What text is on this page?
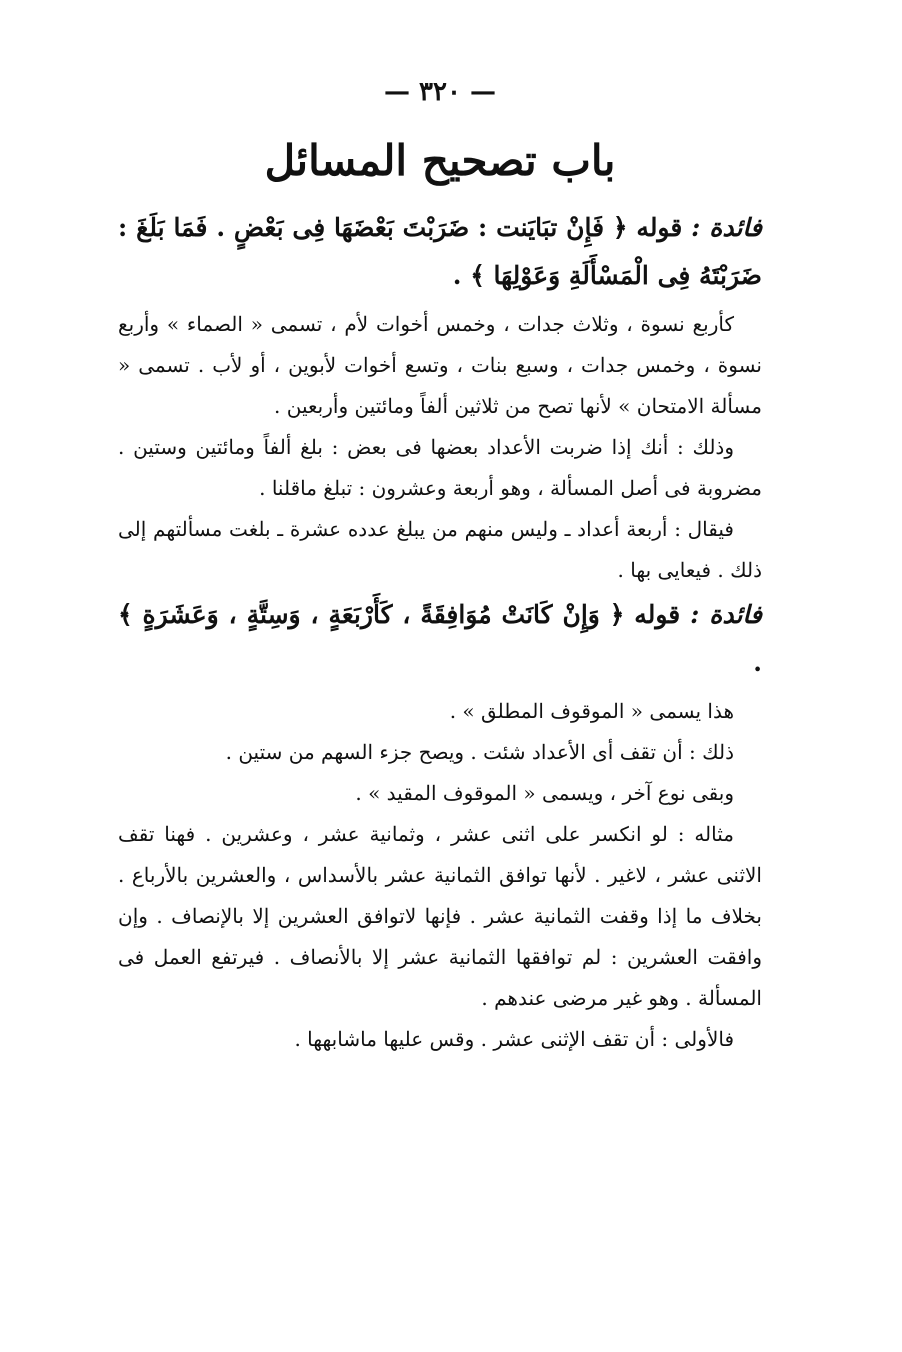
— ٣٢٠ —
باب تصحيح المسائل

فائدة : قوله ﴿ فَإِنْ تبَايَنت : ضَرَبْتَ بَعْضَهَا فِى بَعْضٍ . فَمَا بَلَغَ : ضَرَبْتَهُ فِى الْمَسْأَلَةِ وَعَوْلِهَا ﴾ .

كأربع نسوة ، وثلاث جدات ، وخمس أخوات لأم ، تسمى « الصماء » وأربع نسوة ، وخمس جدات ، وسبع بنات ، وتسع أخوات لأبوين ، أو لأب . تسمى « مسألة الامتحان » لأنها تصح من ثلاثين ألفاً ومائتين وأربعين .

وذلك : أنك إذا ضربت الأعداد بعضها فى بعض : بلغ ألفاً ومائتين وستين . مضروبة فى أصل المسألة ، وهو أربعة وعشرون : تبلغ ماقلنا .

فيقال : أربعة أعداد ـ وليس منهم من يبلغ عدده عشرة ـ بلغت مسألتهم إلى ذلك . فيعايى بها .

فائدة : قوله ﴿ وَإِنْ كَانَتْ مُوَافِقَةً ، كَأَرْبَعَةٍ ، وَسِتَّةٍ ، وَعَشَرَةٍ ﴾ .

هذا يسمى « الموقوف المطلق » .

ذلك : أن تقف أى الأعداد شئت . ويصح جزء السهم من ستين .

وبقى نوع آخر ، ويسمى « الموقوف المقيد » .

مثاله : لو انكسر على اثنى عشر ، وثمانية عشر ، وعشرين . فهنا تقف الاثنى عشر ، لاغير . لأنها توافق الثمانية عشر بالأسداس ، والعشرين بالأرباع . بخلاف ما إذا وقفت الثمانية عشر . فإنها لاتوافق العشرين إلا بالإنصاف . وإن وافقت العشرين : لم توافقها الثمانية عشر إلا بالأنصاف . فيرتفع العمل فى المسألة . وهو غير مرضى عندهم .

فالأولى : أن تقف الإثنى عشر . وقس عليها ماشابهها .
